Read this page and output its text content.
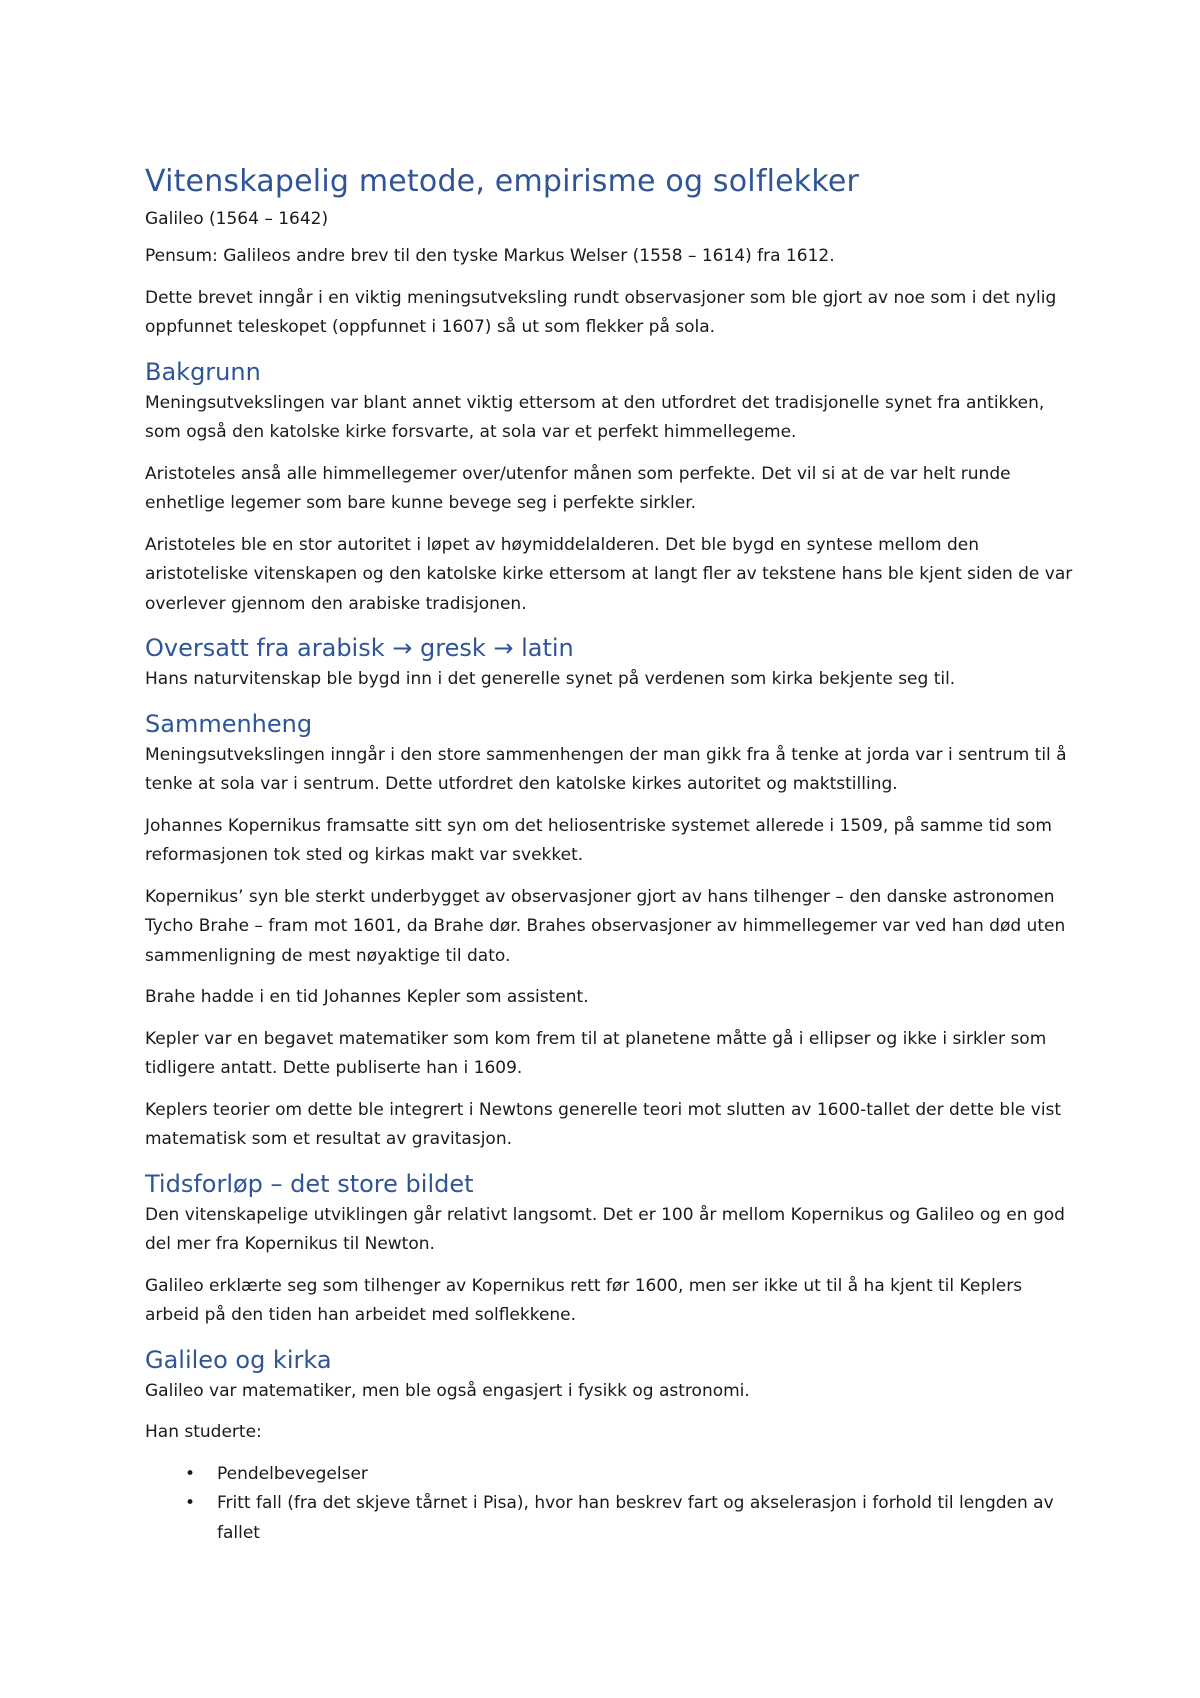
Vitenskapelig metode, empirisme og solflekker
Galileo (1564 – 1642)

Pensum: Galileos andre brev til den tyske Markus Welser (1558 – 1614) fra 1612.

Dette brevet inngår i en viktig meningsutveksling rundt observasjoner som ble gjort av noe som i det nylig oppfunnet teleskopet (oppfunnet i 1607) så ut som flekker på sola.

Bakgrunn

Meningsutvekslingen var blant annet viktig ettersom at den utfordret det tradisjonelle synet fra antikken, som også den katolske kirke forsvarte, at sola var et perfekt himmellegeme.

Aristoteles anså alle himmellegemer over/utenfor månen som perfekte. Det vil si at de var helt runde enhetlige legemer som bare kunne bevege seg i perfekte sirkler.

Aristoteles ble en stor autoritet i løpet av høymiddelalderen. Det ble bygd en syntese mellom den aristoteliske vitenskapen og den katolske kirke ettersom at langt fler av tekstene hans ble kjent siden de var overlever gjennom den arabiske tradisjonen.

Oversatt fra arabisk → gresk → latin

Hans naturvitenskap ble bygd inn i det generelle synet på verdenen som kirka bekjente seg til.

Sammenheng

Meningsutvekslingen inngår i den store sammenhengen der man gikk fra å tenke at jorda var i sentrum til å tenke at sola var i sentrum. Dette utfordret den katolske kirkes autoritet og maktstilling.

Johannes Kopernikus framsatte sitt syn om det heliosentriske systemet allerede i 1509, på samme tid som reformasjonen tok sted og kirkas makt var svekket.

Kopernikus’ syn ble sterkt underbygget av observasjoner gjort av hans tilhenger – den danske astronomen Tycho Brahe – fram mot 1601, da Brahe dør. Brahes observasjoner av himmellegemer var ved han død uten sammenligning de mest nøyaktige til dato.

Brahe hadde i en tid Johannes Kepler som assistent.

Kepler var en begavet matematiker som kom frem til at planetene måtte gå i ellipser og ikke i sirkler som tidligere antatt. Dette publiserte han i 1609.

Keplers teorier om dette ble integrert i Newtons generelle teori mot slutten av 1600-tallet der dette ble vist matematisk som et resultat av gravitasjon.

Tidsforløp – det store bildet

Den vitenskapelige utviklingen går relativt langsomt. Det er 100 år mellom Kopernikus og Galileo og en god del mer fra Kopernikus til Newton.

Galileo erklærte seg som tilhenger av Kopernikus rett før 1600, men ser ikke ut til å ha kjent til Keplers arbeid på den tiden han arbeidet med solflekkene.

Galileo og kirka

Galileo var matematiker, men ble også engasjert i fysikk og astronomi.

Han studerte:

• Pendelbevegelser
• Fritt fall (fra det skjeve tårnet i Pisa), hvor han beskrev fart og akselerasjon i forhold til lengden av fallet
